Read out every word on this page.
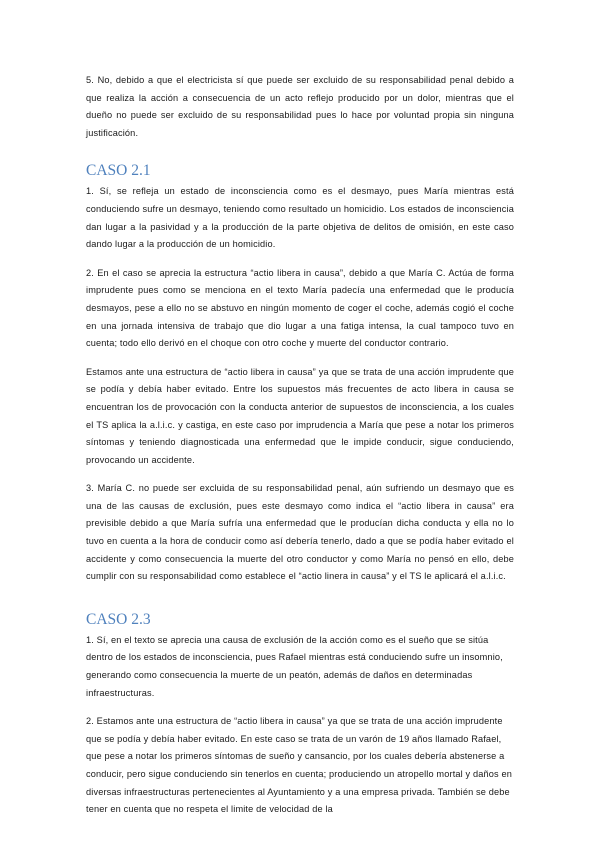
5. No, debido a que el electricista sí que puede ser excluido de su responsabilidad penal debido a que realiza la acción a consecuencia de un acto reflejo producido por un dolor, mientras que el dueño no puede ser excluido de su responsabilidad pues lo hace por voluntad propia sin ninguna justificación.

CASO 2.1

1. Sí, se refleja un estado de inconsciencia como es el desmayo, pues María mientras está conduciendo sufre un desmayo, teniendo como resultado un homicidio. Los estados de inconsciencia dan lugar a la pasividad y a la producción de la parte objetiva de delitos de omisión, en este caso dando lugar a la producción de un homicidio.

2. En el caso se aprecia la estructura “actio libera in causa”, debido a que María C. Actúa de forma imprudente pues como se menciona en el texto María padecía una enfermedad que le producía desmayos, pese a ello no se abstuvo en ningún momento de coger el coche, además cogió el coche en una jornada intensiva de trabajo que dio lugar a una fatiga intensa, la cual tampoco tuvo en cuenta; todo ello derivó en el choque con otro coche y muerte del conductor contrario.

Estamos ante una estructura de “actio libera in causa” ya que se trata de una acción imprudente que se podía y debía haber evitado. Entre los supuestos más frecuentes de acto libera in causa se encuentran los de provocación con la conducta anterior de supuestos de inconsciencia, a los cuales el TS aplica la a.l.i.c. y castiga, en este caso por imprudencia a María que pese a notar los primeros síntomas y teniendo diagnosticada una enfermedad que le impide conducir, sigue conduciendo, provocando un accidente.

3. María C. no puede ser excluida de su responsabilidad penal, aún sufriendo un desmayo que es una de las causas de exclusión, pues este desmayo como indica el “actio libera in causa” era previsible debido a que María sufría una enfermedad que le producían dicha conducta y ella no lo tuvo en cuenta a la hora de conducir como así debería tenerlo, dado a que se podía haber evitado el accidente y como consecuencia la muerte del otro conductor y como María no pensó en ello, debe cumplir con su responsabilidad como establece el “actio linera in causa” y el TS le aplicará el a.l.i.c.

CASO 2.3

1. Sí, en el texto se aprecia una causa de exclusión de la acción como es el sueño que se sitúa dentro de los estados de inconsciencia, pues Rafael mientras está conduciendo sufre un insomnio, generando como consecuencia la muerte de un peatón, además de daños en determinadas infraestructuras.

2. Estamos ante una estructura de “actio libera in causa” ya que se trata de una acción imprudente que se podía y debía haber evitado. En este caso se trata de un varón de 19 años llamado Rafael, que pese a notar los primeros síntomas de sueño y cansancio, por los cuales debería abstenerse a conducir, pero sigue conduciendo sin tenerlos en cuenta; produciendo un atropello mortal y daños en diversas infraestructuras pertenecientes al Ayuntamiento y a una empresa privada. También se debe tener en cuenta que no respeta el limite de velocidad de la
